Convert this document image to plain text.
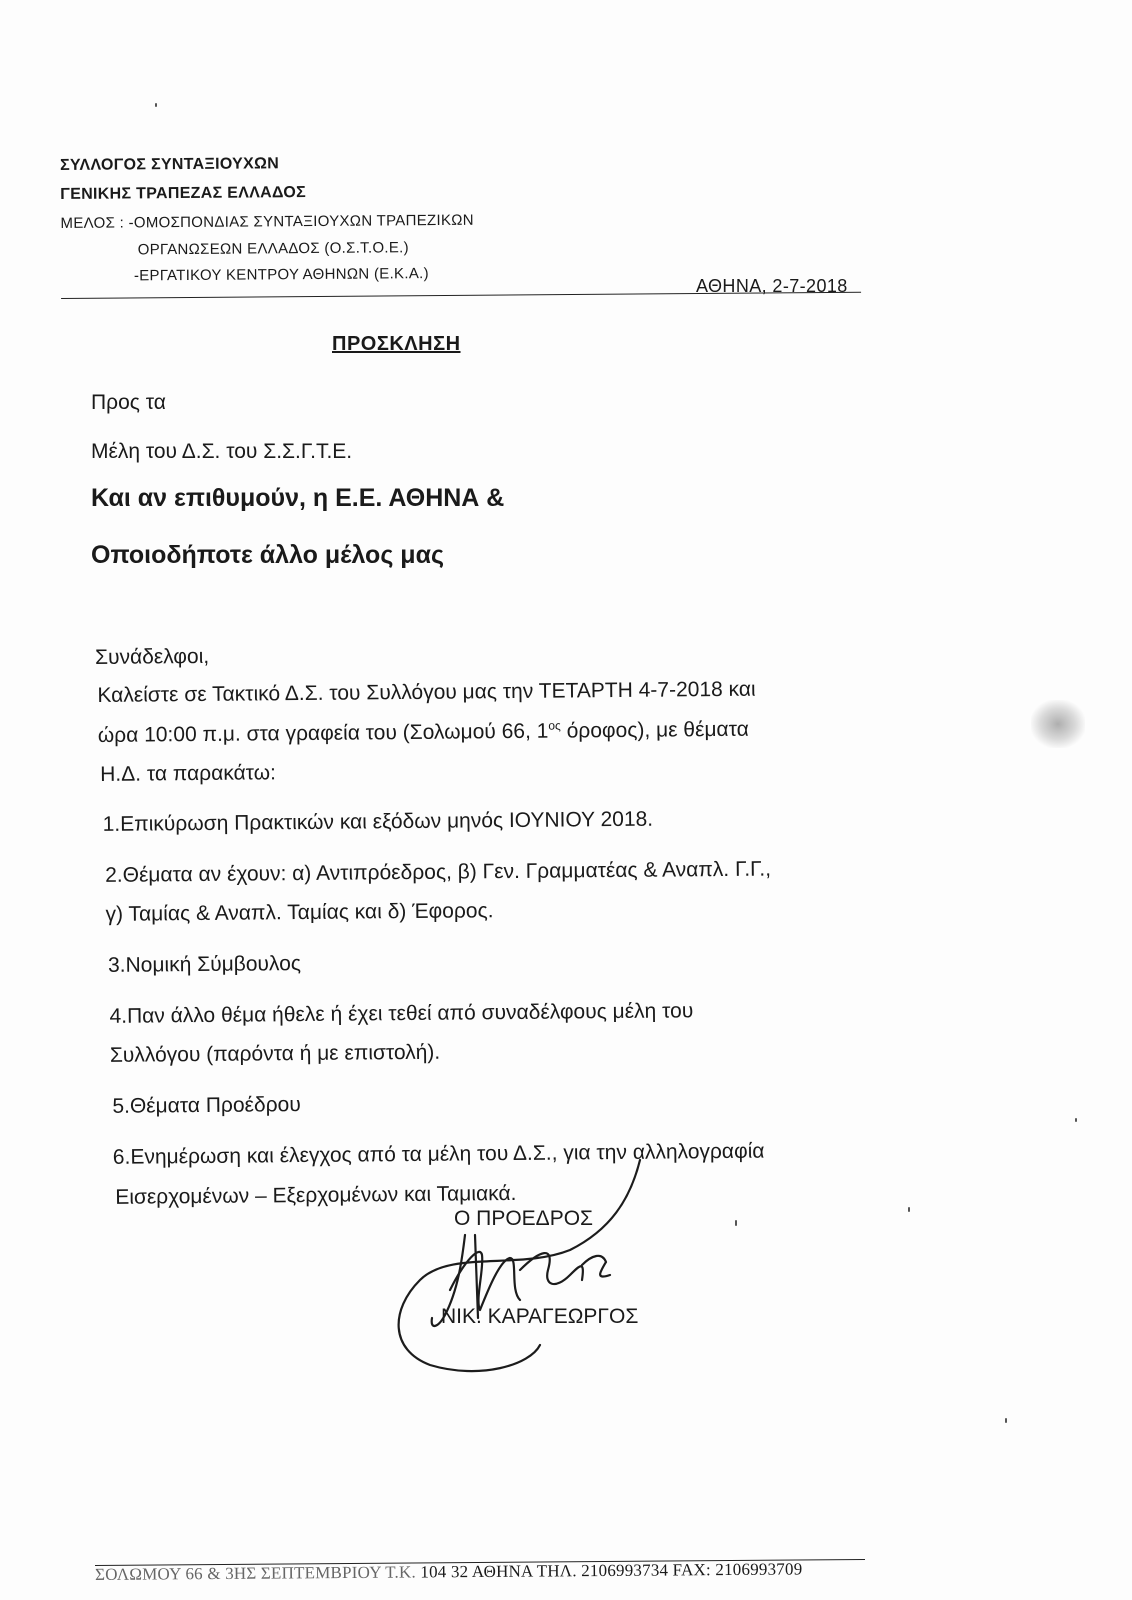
ΣΥΛΛΟΓΟΣ ΣΥΝΤΑΞΙΟΥΧΩΝ
ΓΕΝΙΚΗΣ ΤΡΑΠΕΖΑΣ ΕΛΛΑΔΟΣ
ΜΕΛΟΣ : -ΟΜΟΣΠΟΝΔΙΑΣ ΣΥΝΤΑΞΙΟΥΧΩΝ ΤΡΑΠΕΖΙΚΩΝ
ΟΡΓΑΝΩΣΕΩΝ ΕΛΛΑΔΟΣ (Ο.Σ.Τ.Ο.Ε.)
-ΕΡΓΑΤΙΚΟΥ ΚΕΝΤΡΟΥ ΑΘΗΝΩΝ (Ε.Κ.Α.)
ΑΘΗΝΑ, 2-7-2018
ΠΡΟΣΚΛΗΣΗ
Προς τα
Μέλη του Δ.Σ. του Σ.Σ.Γ.Τ.Ε.
Και αν επιθυμούν, η Ε.Ε. ΑΘΗΝΑ &
Οποιοδήποτε άλλο μέλος μας
Συνάδελφοι,
Καλείστε σε Τακτικό Δ.Σ. του Συλλόγου μας την ΤΕΤΑΡΤΗ 4-7-2018 και
ώρα 10:00 π.μ. στα γραφεία του (Σολωμού 66, $1^{o\varsigma}$ όροφος), με θέματα
Η.Δ. τα παρακάτω:
1.Επικύρωση Πρακτικών και εξόδων μηνός ΙΟΥΝΙΟΥ 2018.
2.Θέματα αν έχουν: α) Αντιπρόεδρος, β) Γεν. Γραμματέας & Αναπλ. Γ.Γ.,
γ) Ταμίας & Αναπλ. Ταμίας και δ) Έφορος.
3.Νομική Σύμβουλος
4.Παν άλλο θέμα ήθελε ή έχει τεθεί από συναδέλφους μέλη του
Συλλόγου (παρόντα ή με επιστολή).
5.Θέματα Προέδρου
6.Ενημέρωση και έλεγχος από τα μέλη του Δ.Σ., για την αλληλογραφία
Εισερχομένων – Εξερχομένων και Ταμιακά.
Ο ΠΡΟΕΔΡΟΣ
ΝΙΚ. ΚΑΡΑΓΕΩΡΓΟΣ
ΣΟΛΩΜΟΥ 66 & 3ΗΣ ΣΕΠΤΕΜΒΡΙΟΥ Τ.Κ. 104 32 ΑΘΗΝΑ ΤΗΛ. 2106993734 FAX: 2106993709
